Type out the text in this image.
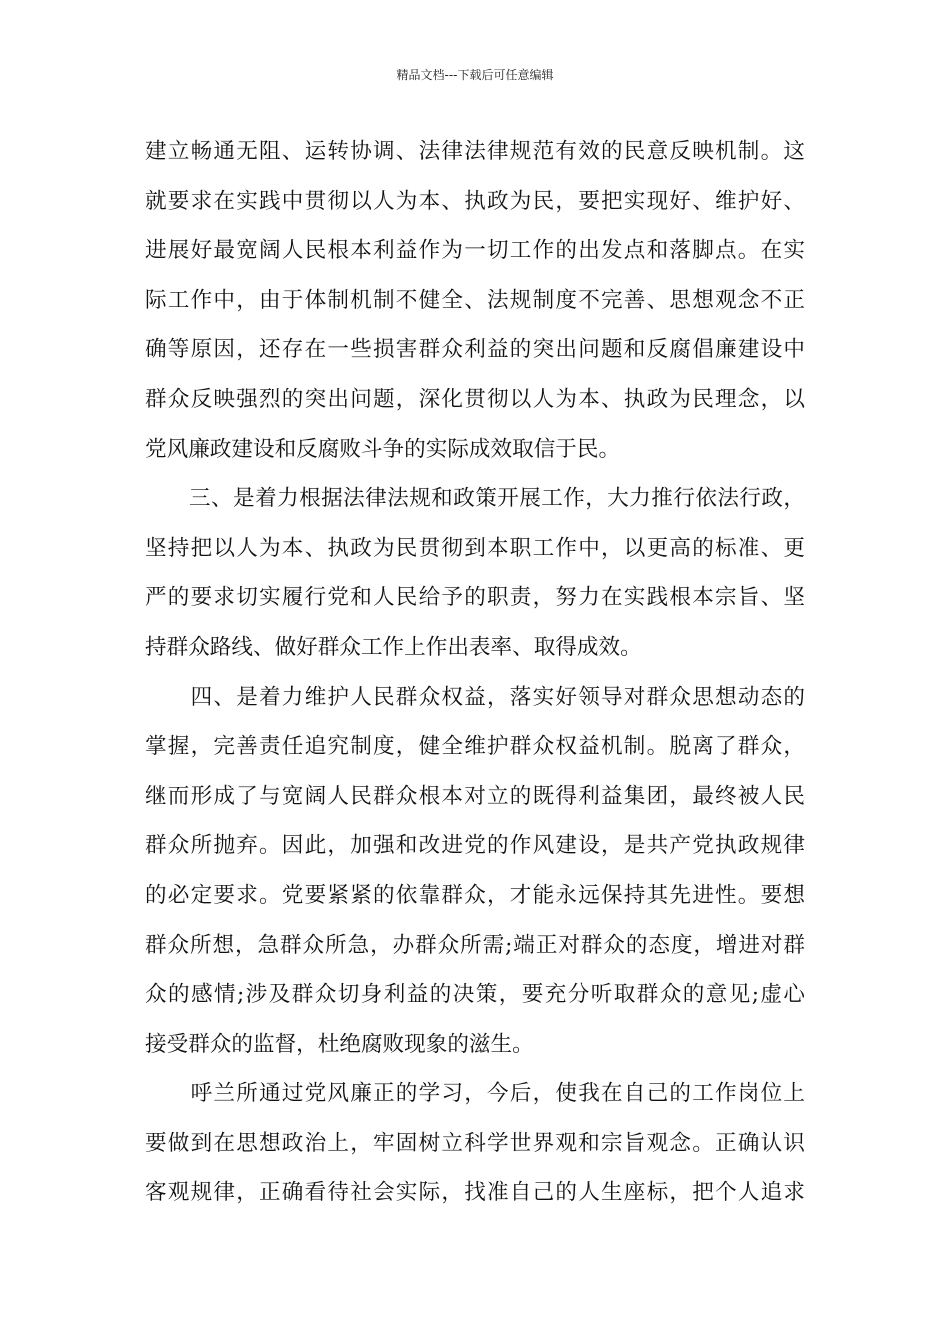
精品文档---下载后可任意编辑
建立畅通无阻、运转协调、法律法律规范有效的民意反映机制。这
就要求在实践中贯彻以人为本、执政为民，要把实现好、维护好、
进展好最宽阔人民根本利益作为一切工作的出发点和落脚点。在实
际工作中，由于体制机制不健全、法规制度不完善、思想观念不正
确等原因，还存在一些损害群众利益的突出问题和反腐倡廉建设中
群众反映强烈的突出问题，深化贯彻以人为本、执政为民理念，以
党风廉政建设和反腐败斗争的实际成效取信于民。
　　三、是着力根据法律法规和政策开展工作，大力推行依法行政，
坚持把以人为本、执政为民贯彻到本职工作中，以更高的标准、更
严的要求切实履行党和人民给予的职责，努力在实践根本宗旨、坚
持群众路线、做好群众工作上作出表率、取得成效。
　　四、是着力维护人民群众权益，落实好领导对群众思想动态的
掌握，完善责任追究制度，健全维护群众权益机制。脱离了群众，
继而形成了与宽阔人民群众根本对立的既得利益集团，最终被人民
群众所抛弃。因此，加强和改进党的作风建设，是共产党执政规律
的必定要求。党要紧紧的依靠群众，才能永远保持其先进性。要想
群众所想，急群众所急，办群众所需;端正对群众的态度，增进对群
众的感情;涉及群众切身利益的决策，要充分听取群众的意见;虚心
接受群众的监督，杜绝腐败现象的滋生。
　　呼兰所通过党风廉正的学习，今后，使我在自己的工作岗位上
要做到在思想政治上，牢固树立科学世界观和宗旨观念。正确认识
客观规律，正确看待社会实际，找准自己的人生座标，把个人追求
